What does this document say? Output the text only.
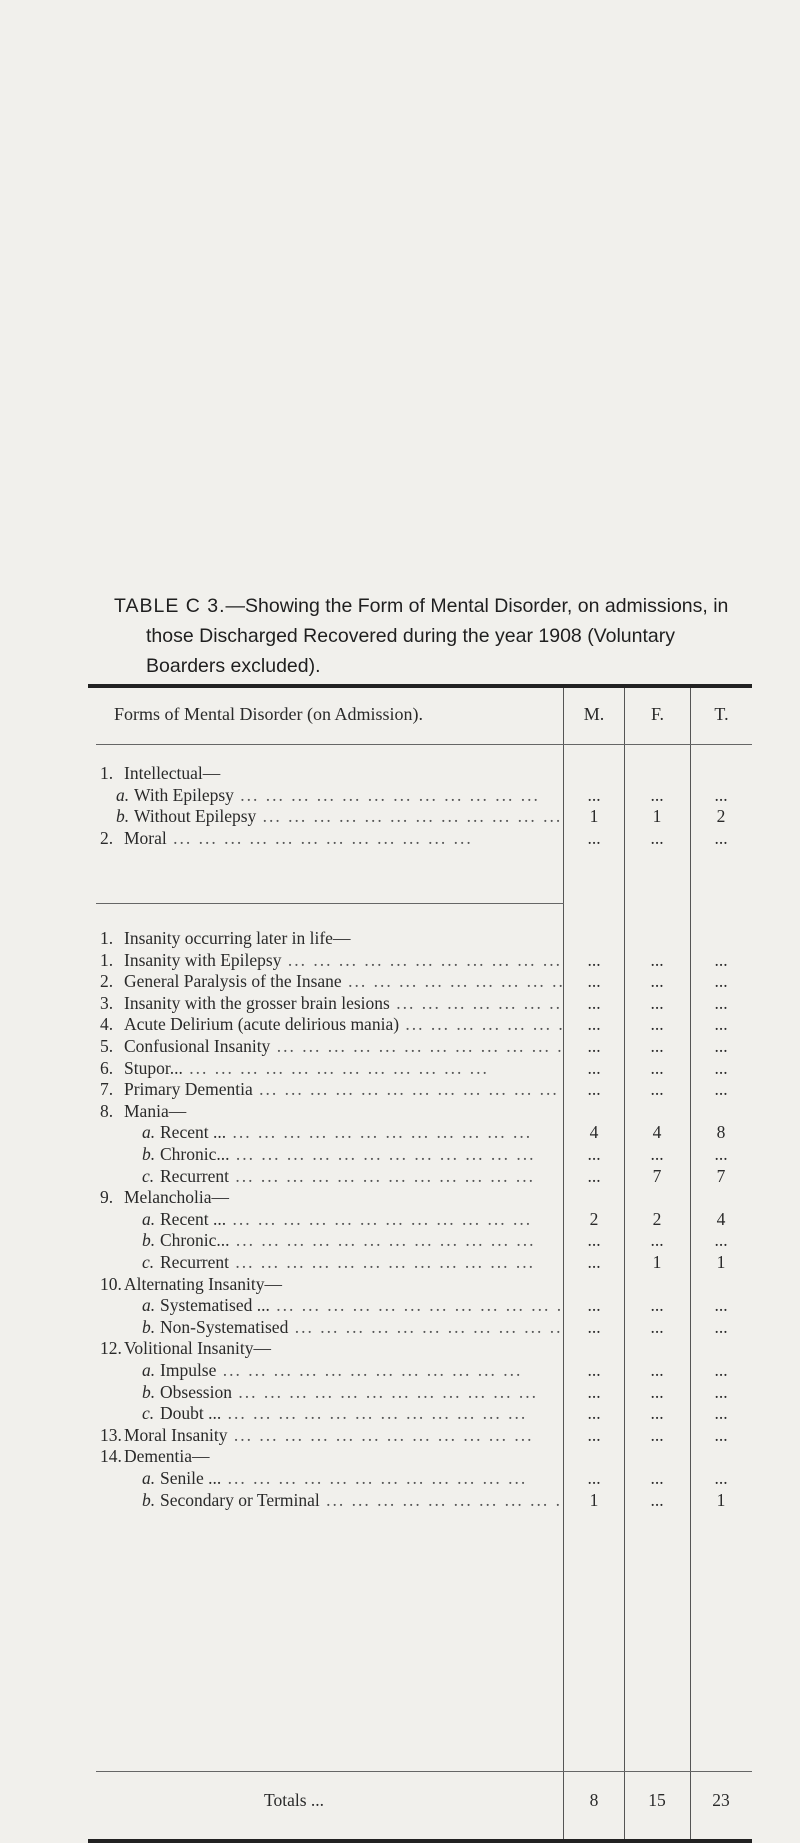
TABLE C 3.—Showing the Form of Mental Disorder, on admissions, in those Discharged Recovered during the year 1908 (Voluntary Boarders excluded).
Forms of Mental Disorder (on Admission).	M.	F.	T.
1. Intellectual—
a. With Epilepsy ...	...	...	...
b. Without Epilepsy ...	1	1	2
2. Moral ...	...	...	...
1. Insanity occurring later in life—
1. Insanity with Epilepsy ...	...	...	...
2. General Paralysis of the Insane ...	...	...	...
3. Insanity with the grosser brain lesions ...	...	...	...
4. Acute Delirium (acute delirious mania) ...	...	...	...
5. Confusional Insanity ...	...	...	...
6. Stupor... ...	...	...	...
7. Primary Dementia ...	...	...	...
8. Mania—
a. Recent ... ...	4	4	8
b. Chronic... ...	...	...	...
c. Recurrent ...	...	7	7
9. Melancholia—
a. Recent ... ...	2	2	4
b. Chronic... ...	...	...	...
c. Recurrent ...	...	1	1
10. Alternating Insanity—
a. Systematised ... ...	...	...	...
b. Non-Systematised ...	...	...	...
12. Volitional Insanity—
a. Impulse ...	...	...	...
b. Obsession ...	...	...	...
c. Doubt ... ...	...	...	...
13. Moral Insanity ...	...	...	...
14. Dementia—
a. Senile ... ...	...	...	...
b. Secondary or Terminal ...	1	...	1
Totals ...	8	15	23
